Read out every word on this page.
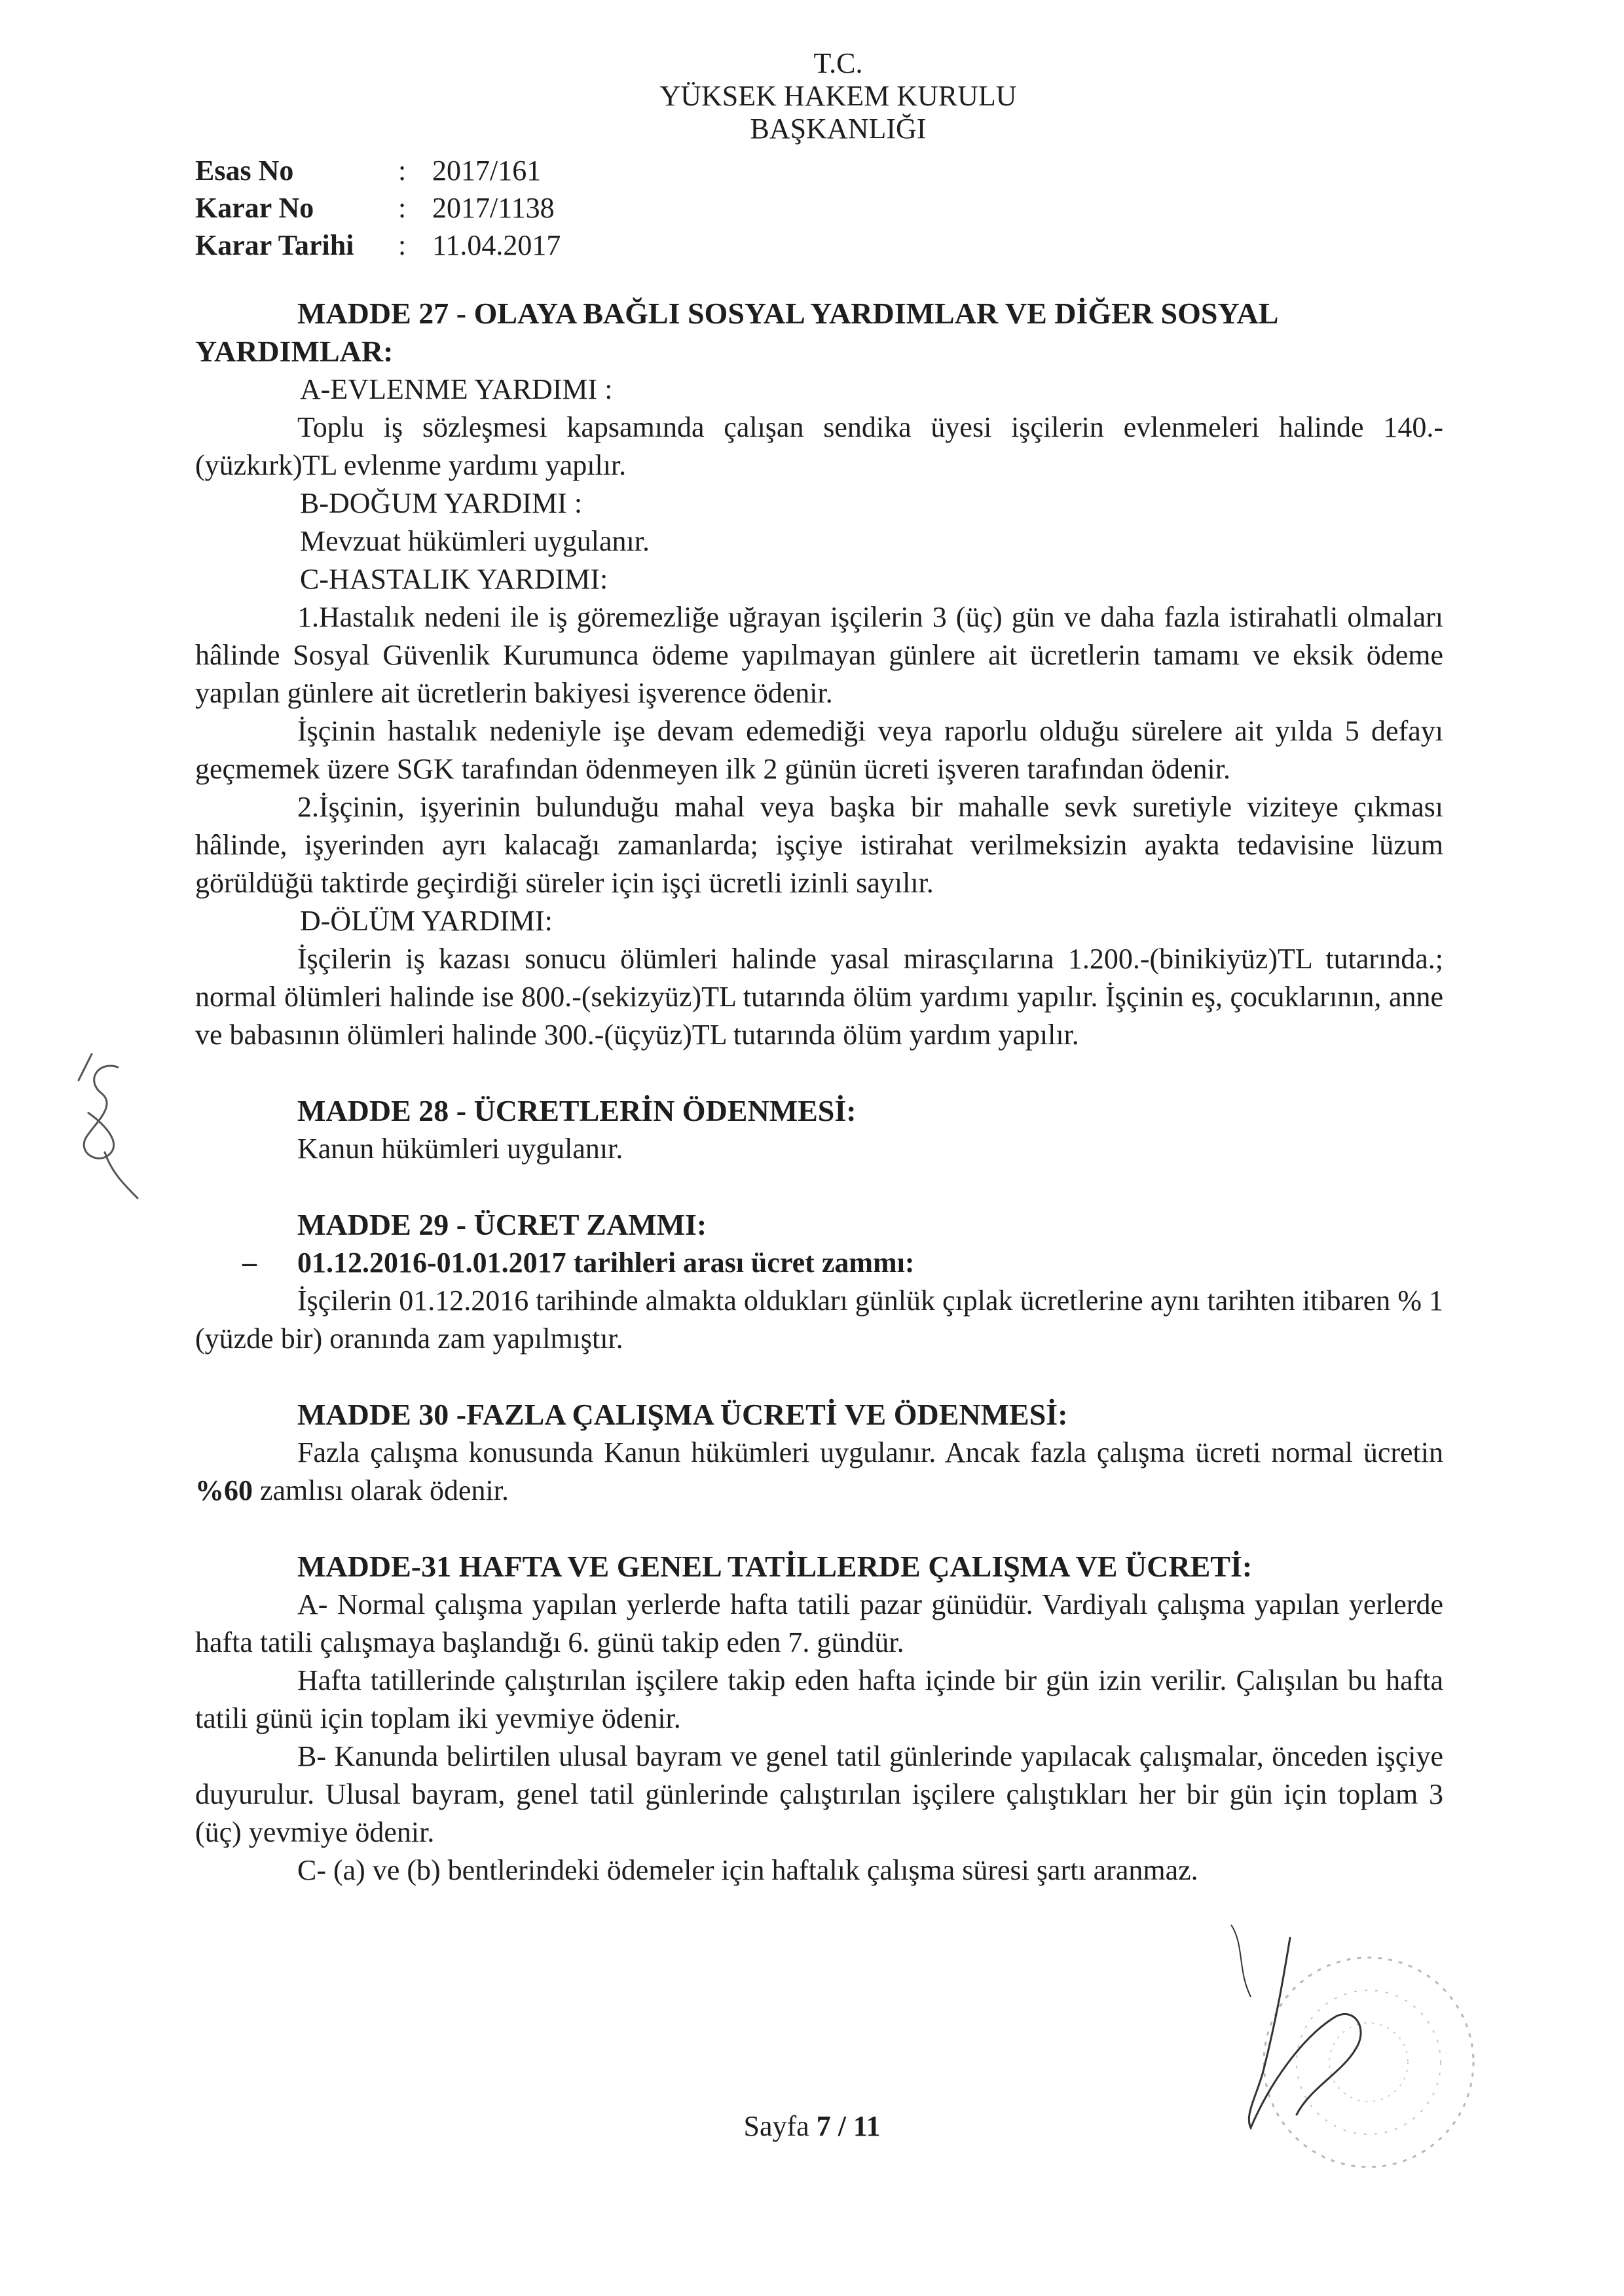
T.C.
YÜKSEK HAKEM KURULU
BAŞKANLIĞI
Esas No	: 2017/161
Karar No	: 2017/1138
Karar Tarihi : 11.04.2017

MADDE 27 - OLAYA BAĞLI SOSYAL YARDIMLAR VE DİĞER SOSYAL YARDIMLAR:

A-EVLENME YARDIMI :

Toplu iş sözleşmesi kapsamında çalışan sendika üyesi işçilerin evlenmeleri halinde 140.-(yüzkırk)TL evlenme yardımı yapılır.

B-DOĞUM YARDIMI :

Mevzuat hükümleri uygulanır.

C-HASTALIK YARDIMI:

1.Hastalık nedeni ile iş göremezliğe uğrayan işçilerin 3 (üç) gün ve daha fazla istirahatli olmaları hâlinde Sosyal Güvenlik Kurumunca ödeme yapılmayan günlere ait ücretlerin tamamı ve eksik ödeme yapılan günlere ait ücretlerin bakiyesi işverence ödenir.

İşçinin hastalık nedeniyle işe devam edemediği veya raporlu olduğu sürelere ait yılda 5 defayı geçmemek üzere SGK tarafından ödenmeyen ilk 2 günün ücreti işveren tarafından ödenir.

2.İşçinin, işyerinin bulunduğu mahal veya başka bir mahalle sevk suretiyle viziteye çıkması hâlinde, işyerinden ayrı kalacağı zamanlarda; işçiye istirahat verilmeksizin ayakta tedavisine lüzum görüldüğü taktirde geçirdiği süreler için işçi ücretli izinli sayılır.

D-ÖLÜM YARDIMI:

İşçilerin iş kazası sonucu ölümleri halinde yasal mirasçılarına 1.200.-(binikiyüz)TL tutarında.; normal ölümleri halinde ise 800.-(sekizyüz)TL tutarında ölüm yardımı yapılır. İşçinin eş, çocuklarının, anne ve babasının ölümleri halinde 300.-(üçyüz)TL tutarında ölüm yardım yapılır.

MADDE 28 - ÜCRETLERİN ÖDENMESİ:

Kanun hükümleri uygulanır.

MADDE 29 - ÜCRET ZAMMI:

–	01.12.2016-01.01.2017 tarihleri arası ücret zammı:

İşçilerin 01.12.2016 tarihinde almakta oldukları günlük çıplak ücretlerine aynı tarihten itibaren % 1 (yüzde bir) oranında zam yapılmıştır.

MADDE 30 -FAZLA ÇALIŞMA ÜCRETİ VE ÖDENMESİ:

Fazla çalışma konusunda Kanun hükümleri uygulanır. Ancak fazla çalışma ücreti normal ücretin %60 zamlısı olarak ödenir.

MADDE-31 HAFTA VE GENEL TATİLLERDE ÇALIŞMA VE ÜCRETİ:

A- Normal çalışma yapılan yerlerde hafta tatili pazar günüdür. Vardiyalı çalışma yapılan yerlerde hafta tatili çalışmaya başlandığı 6. günü takip eden 7. gündür.

Hafta tatillerinde çalıştırılan işçilere takip eden hafta içinde bir gün izin verilir. Çalışılan bu hafta tatili günü için toplam iki yevmiye ödenir.

B- Kanunda belirtilen ulusal bayram ve genel tatil günlerinde yapılacak çalışmalar, önceden işçiye duyurulur. Ulusal bayram, genel tatil günlerinde çalıştırılan işçilere çalıştıkları her bir gün için toplam 3 (üç) yevmiye ödenir.

C- (a) ve (b) bentlerindeki ödemeler için haftalık çalışma süresi şartı aranmaz.

Sayfa 7 / 11
